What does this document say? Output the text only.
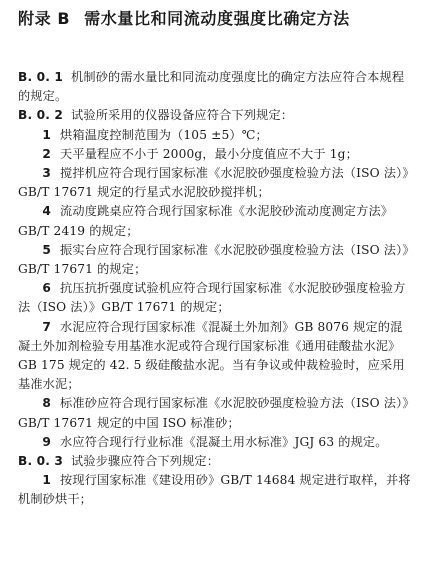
附录 B 需水量比和同流动度强度比确定方法

B. 0. 1 机制砂的需水量比和同流动度强度比的确定方法应符合本规程的规定。

B. 0. 2 试验所采用的仪器设备应符合下列规定：

1 烘箱温度控制范围为（105 ±5）℃；

2 天平量程应不小于 2000g，最小分度值应不大于 1g；

3 搅拌机应符合现行国家标准《水泥胶砂强度检验方法（ISO 法）》GB/T 17671 规定的行星式水泥胶砂搅拌机；

4 流动度跳桌应符合现行国家标准《水泥胶砂流动度测定方法》GB/T 2419 的规定；

5 振实台应符合现行国家标准《水泥胶砂强度检验方法（ISO 法）》GB/T 17671 的规定；

6 抗压抗折强度试验机应符合现行国家标准《水泥胶砂强度检验方法（ISO 法）》GB/T 17671 的规定；

7 水泥应符合现行国家标准《混凝土外加剂》GB 8076 规定的混凝土外加剂检验专用基准水泥或符合现行国家标准《通用硅酸盐水泥》GB 175 规定的 42. 5 级硅酸盐水泥。当有争议或仲裁检验时，应采用基准水泥；

8 标准砂应符合现行国家标准《水泥胶砂强度检验方法（ISO 法）》GB/T 17671 规定的中国 ISO 标准砂；

9 水应符合现行行业标准《混凝土用水标准》JGJ 63 的规定。

B. 0. 3 试验步骤应符合下列规定：

1 按现行国家标准《建设用砂》GB/T 14684 规定进行取样，并将机制砂烘干；
